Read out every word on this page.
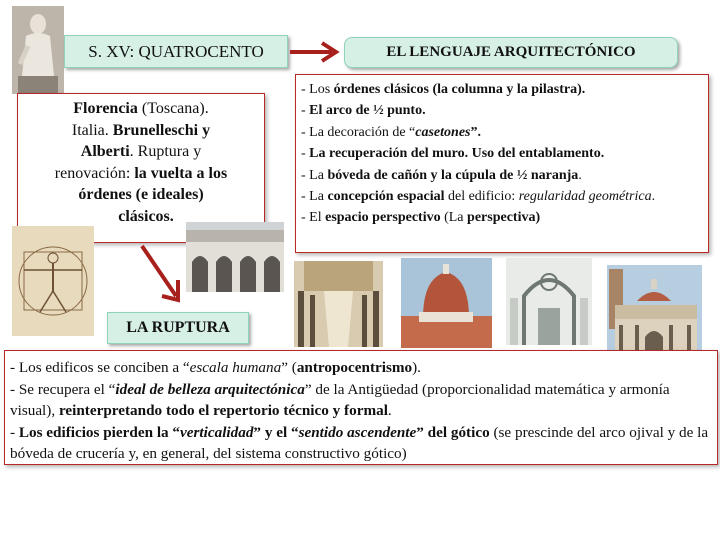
S. XV: QUATROCENTO	EL LENGUAJE ARQUITECTÓNICO
Florencia (Toscana).
Italia. Brunelleschi y
Alberti. Ruptura y
renovación: la vuelta a los
órdenes (e ideales)
clásicos.
- Los órdenes clásicos (la columna y la pilastra).
- El arco de ½ punto.
- La decoración de “casetones”.
- La recuperación del muro. Uso del entablamento.
- La bóveda de cañón y la cúpula de ½ naranja.
- La concepción espacial del edificio: regularidad geométrica.
- El espacio perspectivo (La perspectiva)
LA RUPTURA
- Los edificos se conciben a “escala humana” (antropocentrismo).
- Se recupera el “ideal de belleza arquitectónica” de la Antigüedad (proporcionalidad matemática y armonía visual), reinterpretando todo el repertorio técnico y formal.
- Los edificios pierden la “verticalidad” y el “sentido ascendente” del gótico (se prescinde del arco ojival y de la bóveda de crucería y, en general, del sistema constructivo gótico)
